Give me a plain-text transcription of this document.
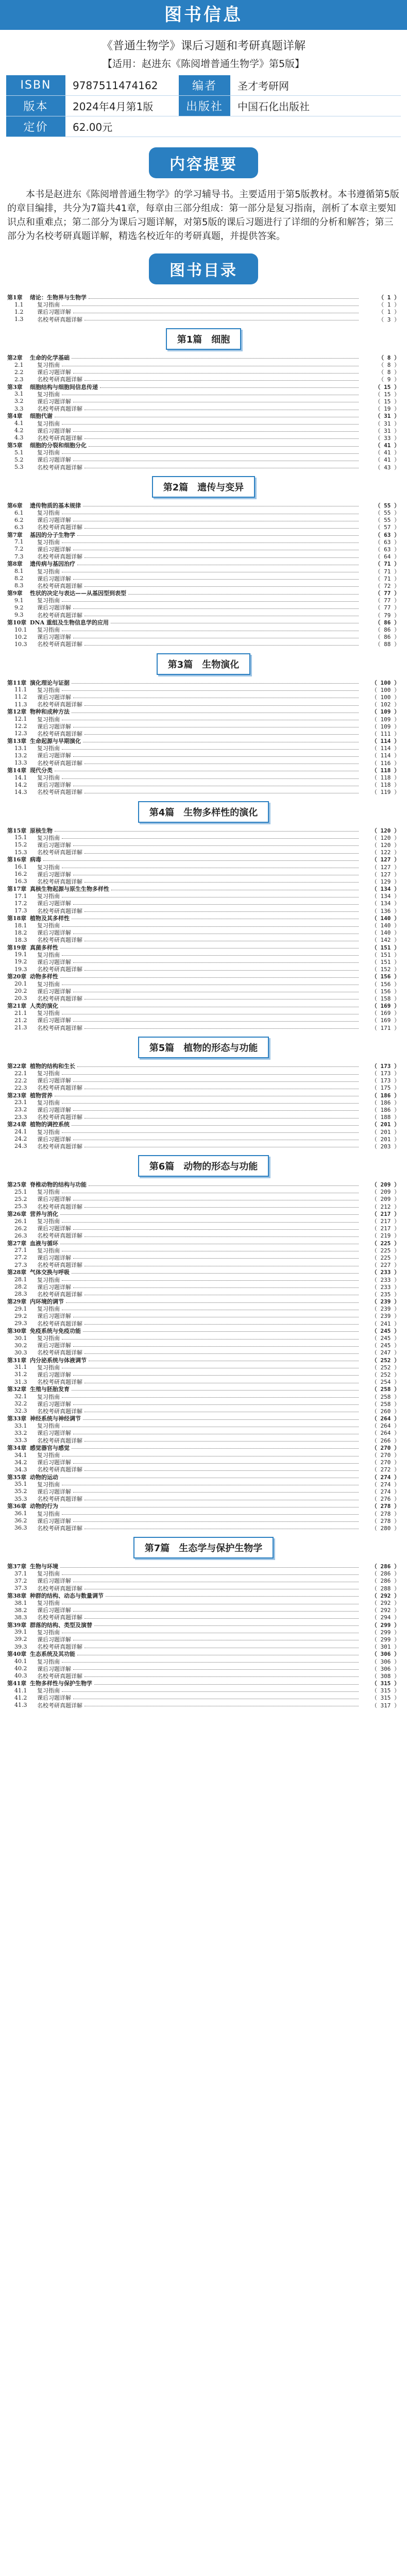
图书信息
《普通生物学》课后习题和考研真题详解
【适用：赵进东《陈阅增普通生物学》第5版】
ISBN	9787511474162	编者	圣才考研网
版本	2024年4月第1版	出版社	中国石化出版社
定价	62.00元
内容提要

本书是赵进东《陈阅增普通生物学》的学习辅导书。主要适用于第5版教材。本书遵循第5版的章目编排，共分为7篇共41章，每章由三部分组成：第一部分是复习指南，剖析了本章主要知识点和重难点；第二部分为课后习题详解，对第5版的课后习题进行了详细的分析和解答；第三部分为名校考研真题详解，精选名校近年的考研真题，并提供答案。

图书目录
第1章	绪论：生物界与生物学	（ 1 ）
1.1	复习指南	（ 1 ）
1.2	课后习题详解	（ 1 ）
1.3	名校考研真题详解	（ 3 ）
第1篇　细胞
第2章	生命的化学基础	（ 8 ）
2.1	复习指南	（ 8 ）
2.2	课后习题详解	（ 8 ）
2.3	名校考研真题详解	（ 9 ）
第3章	细胞结构与细胞间信息传递	（ 15 ）
3.1	复习指南	（ 15 ）
3.2	课后习题详解	（ 15 ）
3.3	名校考研真题详解	（ 19 ）
第4章	细胞代谢	（ 31 ）
4.1	复习指南	（ 31 ）
4.2	课后习题详解	（ 31 ）
4.3	名校考研真题详解	（ 33 ）
第5章	细胞的分裂和细胞分化	（ 41 ）
5.1	复习指南	（ 41 ）
5.2	课后习题详解	（ 41 ）
5.3	名校考研真题详解	（ 43 ）
第2篇　遗传与变异
第6章	遗传物质的基本规律	（ 55 ）
6.1	复习指南	（ 55 ）
6.2	课后习题详解	（ 55 ）
6.3	名校考研真题详解	（ 57 ）
第7章	基因的分子生物学	（ 63 ）
7.1	复习指南	（ 63 ）
7.2	课后习题详解	（ 63 ）
7.3	名校考研真题详解	（ 64 ）
第8章	遗传病与基因治疗	（ 71 ）
8.1	复习指南	（ 71 ）
8.2	课后习题详解	（ 71 ）
8.3	名校考研真题详解	（ 72 ）
第9章	性状的决定与表达——从基因型到表型	（ 77 ）
9.1	复习指南	（ 77 ）
9.2	课后习题详解	（ 77 ）
9.3	名校考研真题详解	（ 79 ）
第10章 DNA 重组及生物信息学的应用	（ 86 ）
10.1	复习指南	（ 86 ）
10.2	课后习题详解	（ 86 ）
10.3	名校考研真题详解	（ 88 ）
第3篇　生物演化
第11章 演化理论与证据	（ 100 ）
11.1	复习指南	（ 100 ）
11.2	课后习题详解	（ 100 ）
11.3	名校考研真题详解	（ 102 ）
第12章 物种和成种方法	（ 109 ）
12.1	复习指南	（ 109 ）
12.2	课后习题详解	（ 109 ）
12.3	名校考研真题详解	（ 111 ）
第13章 生命起源与早期演化	（ 114 ）
13.1	复习指南	（ 114 ）
13.2	课后习题详解	（ 114 ）
13.3	名校考研真题详解	（ 116 ）
第14章 现代分类	（ 118 ）
14.1	复习指南	（ 118 ）
14.2	课后习题详解	（ 118 ）
14.3	名校考研真题详解	（ 119 ）
第4篇　生物多样性的演化
第15章 原核生物	（ 120 ）
15.1	复习指南	（ 120 ）
15.2	课后习题详解	（ 120 ）
15.3	名校考研真题详解	（ 122 ）
第16章 病毒	（ 127 ）
16.1	复习指南	（ 127 ）
16.2	课后习题详解	（ 127 ）
16.3	名校考研真题详解	（ 129 ）
第17章 真核生物起源与原生生物多样性	（ 134 ）
17.1	复习指南	（ 134 ）
17.2	课后习题详解	（ 134 ）
17.3	名校考研真题详解	（ 136 ）
第18章 植物及其多样性	（ 140 ）
18.1	复习指南	（ 140 ）
18.2	课后习题详解	（ 140 ）
18.3	名校考研真题详解	（ 142 ）
第19章 真菌多样性	（ 151 ）
19.1	复习指南	（ 151 ）
19.2	课后习题详解	（ 151 ）
19.3	名校考研真题详解	（ 152 ）
第20章 动物多样性	（ 156 ）
20.1	复习指南	（ 156 ）
20.2	课后习题详解	（ 156 ）
20.3	名校考研真题详解	（ 158 ）
第21章 人类的演化	（ 169 ）
21.1	复习指南	（ 169 ）
21.2	课后习题详解	（ 169 ）
21.3	名校考研真题详解	（ 171 ）
第5篇　植物的形态与功能
第22章 植物的结构和生长	（ 173 ）
22.1	复习指南	（ 173 ）
22.2	课后习题详解	（ 173 ）
22.3	名校考研真题详解	（ 175 ）
第23章 植物营养	（ 186 ）
23.1	复习指南	（ 186 ）
23.2	课后习题详解	（ 186 ）
23.3	名校考研真题详解	（ 188 ）
第24章 植物的调控系统	（ 201 ）
24.1	复习指南	（ 201 ）
24.2	课后习题详解	（ 201 ）
24.3	名校考研真题详解	（ 203 ）
第6篇　动物的形态与功能
第25章 脊椎动物的结构与功能	（ 209 ）
25.1	复习指南	（ 209 ）
25.2	课后习题详解	（ 209 ）
25.3	名校考研真题详解	（ 212 ）
第26章 营养与消化	（ 217 ）
26.1	复习指南	（ 217 ）
26.2	课后习题详解	（ 217 ）
26.3	名校考研真题详解	（ 219 ）
第27章 血液与循环	（ 225 ）
27.1	复习指南	（ 225 ）
27.2	课后习题详解	（ 225 ）
27.3	名校考研真题详解	（ 227 ）
第28章 气体交换与呼吸	（ 233 ）
28.1	复习指南	（ 233 ）
28.2	课后习题详解	（ 233 ）
28.3	名校考研真题详解	（ 235 ）
第29章 内环境的调节	（ 239 ）
29.1	复习指南	（ 239 ）
29.2	课后习题详解	（ 239 ）
29.3	名校考研真题详解	（ 241 ）
第30章 免疫系统与免疫功能	（ 245 ）
30.1	复习指南	（ 245 ）
30.2	课后习题详解	（ 245 ）
30.3	名校考研真题详解	（ 247 ）
第31章 内分泌系统与体液调节	（ 252 ）
31.1	复习指南	（ 252 ）
31.2	课后习题详解	（ 252 ）
31.3	名校考研真题详解	（ 254 ）
第32章 生殖与胚胎发育	（ 258 ）
32.1	复习指南	（ 258 ）
32.2	课后习题详解	（ 258 ）
32.3	名校考研真题详解	（ 260 ）
第33章 神经系统与神经调节	（ 264 ）
33.1	复习指南	（ 264 ）
33.2	课后习题详解	（ 264 ）
33.3	名校考研真题详解	（ 266 ）
第34章 感觉器官与感觉	（ 270 ）
34.1	复习指南	（ 270 ）
34.2	课后习题详解	（ 270 ）
34.3	名校考研真题详解	（ 272 ）
第35章 动物的运动	（ 274 ）
35.1	复习指南	（ 274 ）
35.2	课后习题详解	（ 274 ）
35.3	名校考研真题详解	（ 276 ）
第36章 动物的行为	（ 278 ）
36.1	复习指南	（ 278 ）
36.2	课后习题详解	（ 278 ）
36.3	名校考研真题详解	（ 280 ）
第7篇　生态学与保护生物学
第37章 生物与环境	（ 286 ）
37.1	复习指南	（ 286 ）
37.2	课后习题详解	（ 286 ）
37.3	名校考研真题详解	（ 288 ）
第38章 种群的结构、动态与数量调节	（ 292 ）
38.1	复习指南	（ 292 ）
38.2	课后习题详解	（ 292 ）
38.3	名校考研真题详解	（ 294 ）
第39章 群落的结构、类型及演替	（ 299 ）
39.1	复习指南	（ 299 ）
39.2	课后习题详解	（ 299 ）
39.3	名校考研真题详解	（ 301 ）
第40章 生态系统及其功能	（ 306 ）
40.1	复习指南	（ 306 ）
40.2	课后习题详解	（ 306 ）
40.3	名校考研真题详解	（ 308 ）
第41章 生物多样性与保护生物学	（ 315 ）
41.1	复习指南	（ 315 ）
41.2	课后习题详解	（ 315 ）
41.3	名校考研真题详解	（ 317 ）
